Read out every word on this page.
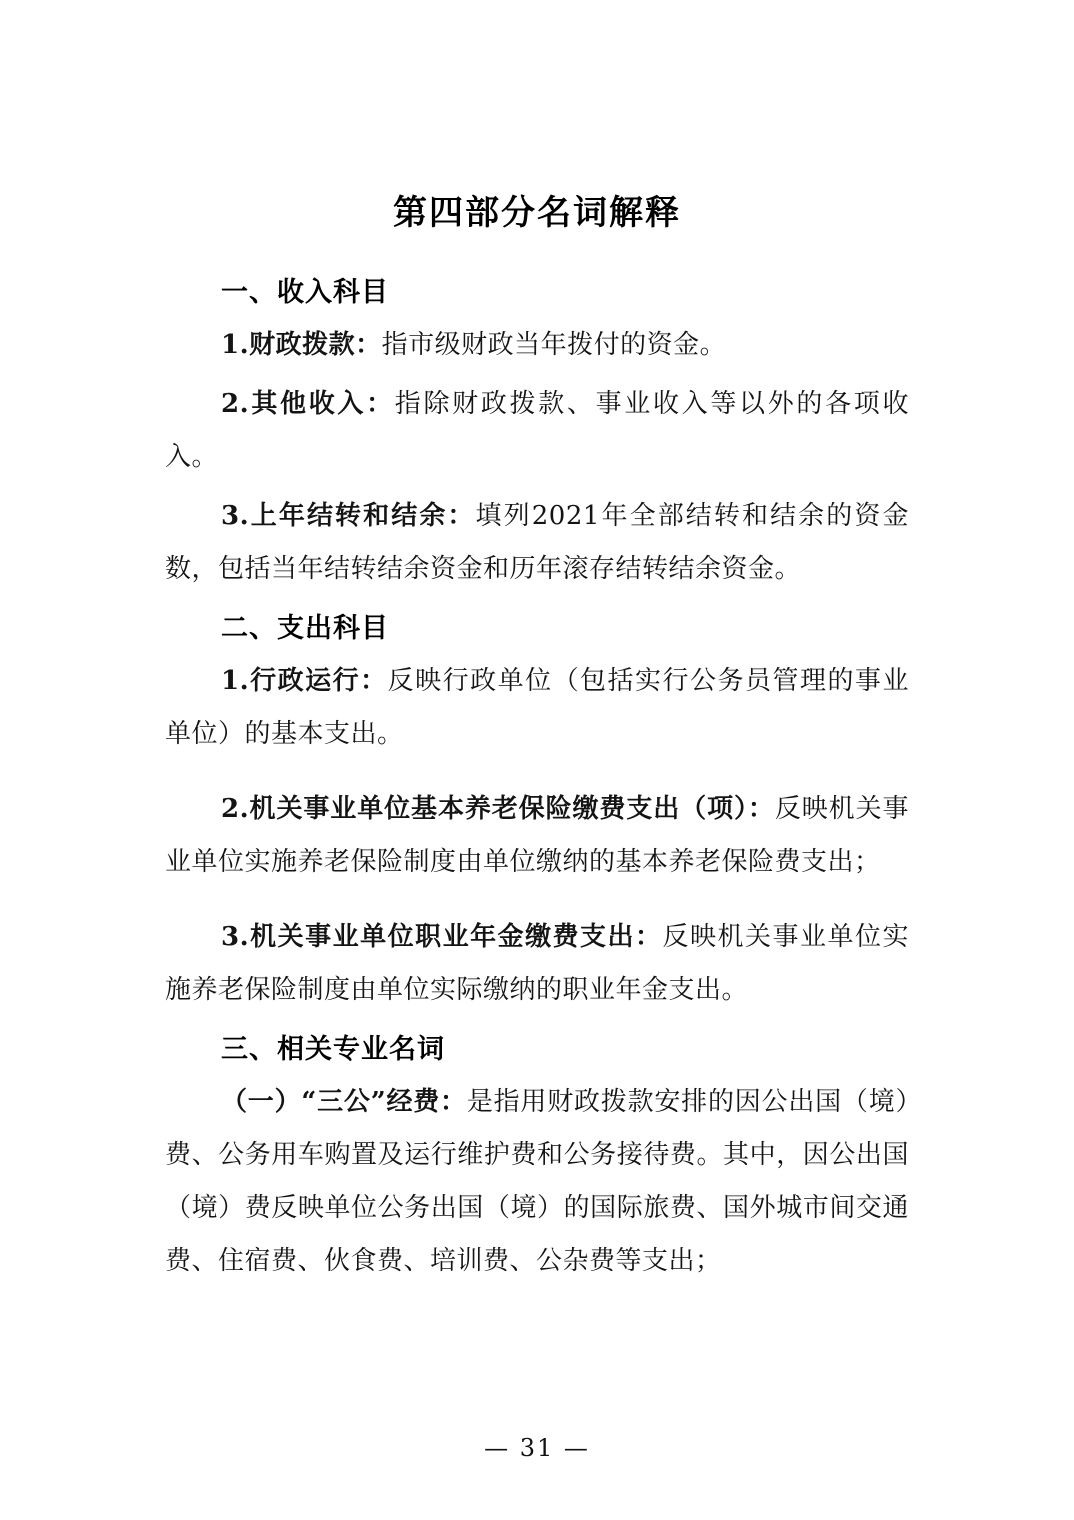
第四部分名词解释
一、收入科目

1.财政拨款：指市级财政当年拨付的资金。

2.其他收入：指除财政拨款、事业收入等以外的各项收入。

3.上年结转和结余：填列2021年全部结转和结余的资金数，包括当年结转结余资金和历年滚存结转结余资金。

二、支出科目

1.行政运行：反映行政单位（包括实行公务员管理的事业单位）的基本支出。

2.机关事业单位基本养老保险缴费支出（项）：反映机关事业单位实施养老保险制度由单位缴纳的基本养老保险费支出；

3.机关事业单位职业年金缴费支出：反映机关事业单位实施养老保险制度由单位实际缴纳的职业年金支出。

三、相关专业名词

（一）“三公”经费：是指用财政拨款安排的因公出国（境）费、公务用车购置及运行维护费和公务接待费。其中，因公出国（境）费反映单位公务出国（境）的国际旅费、国外城市间交通费、住宿费、伙食费、培训费、公杂费等支出；

— 31 —
